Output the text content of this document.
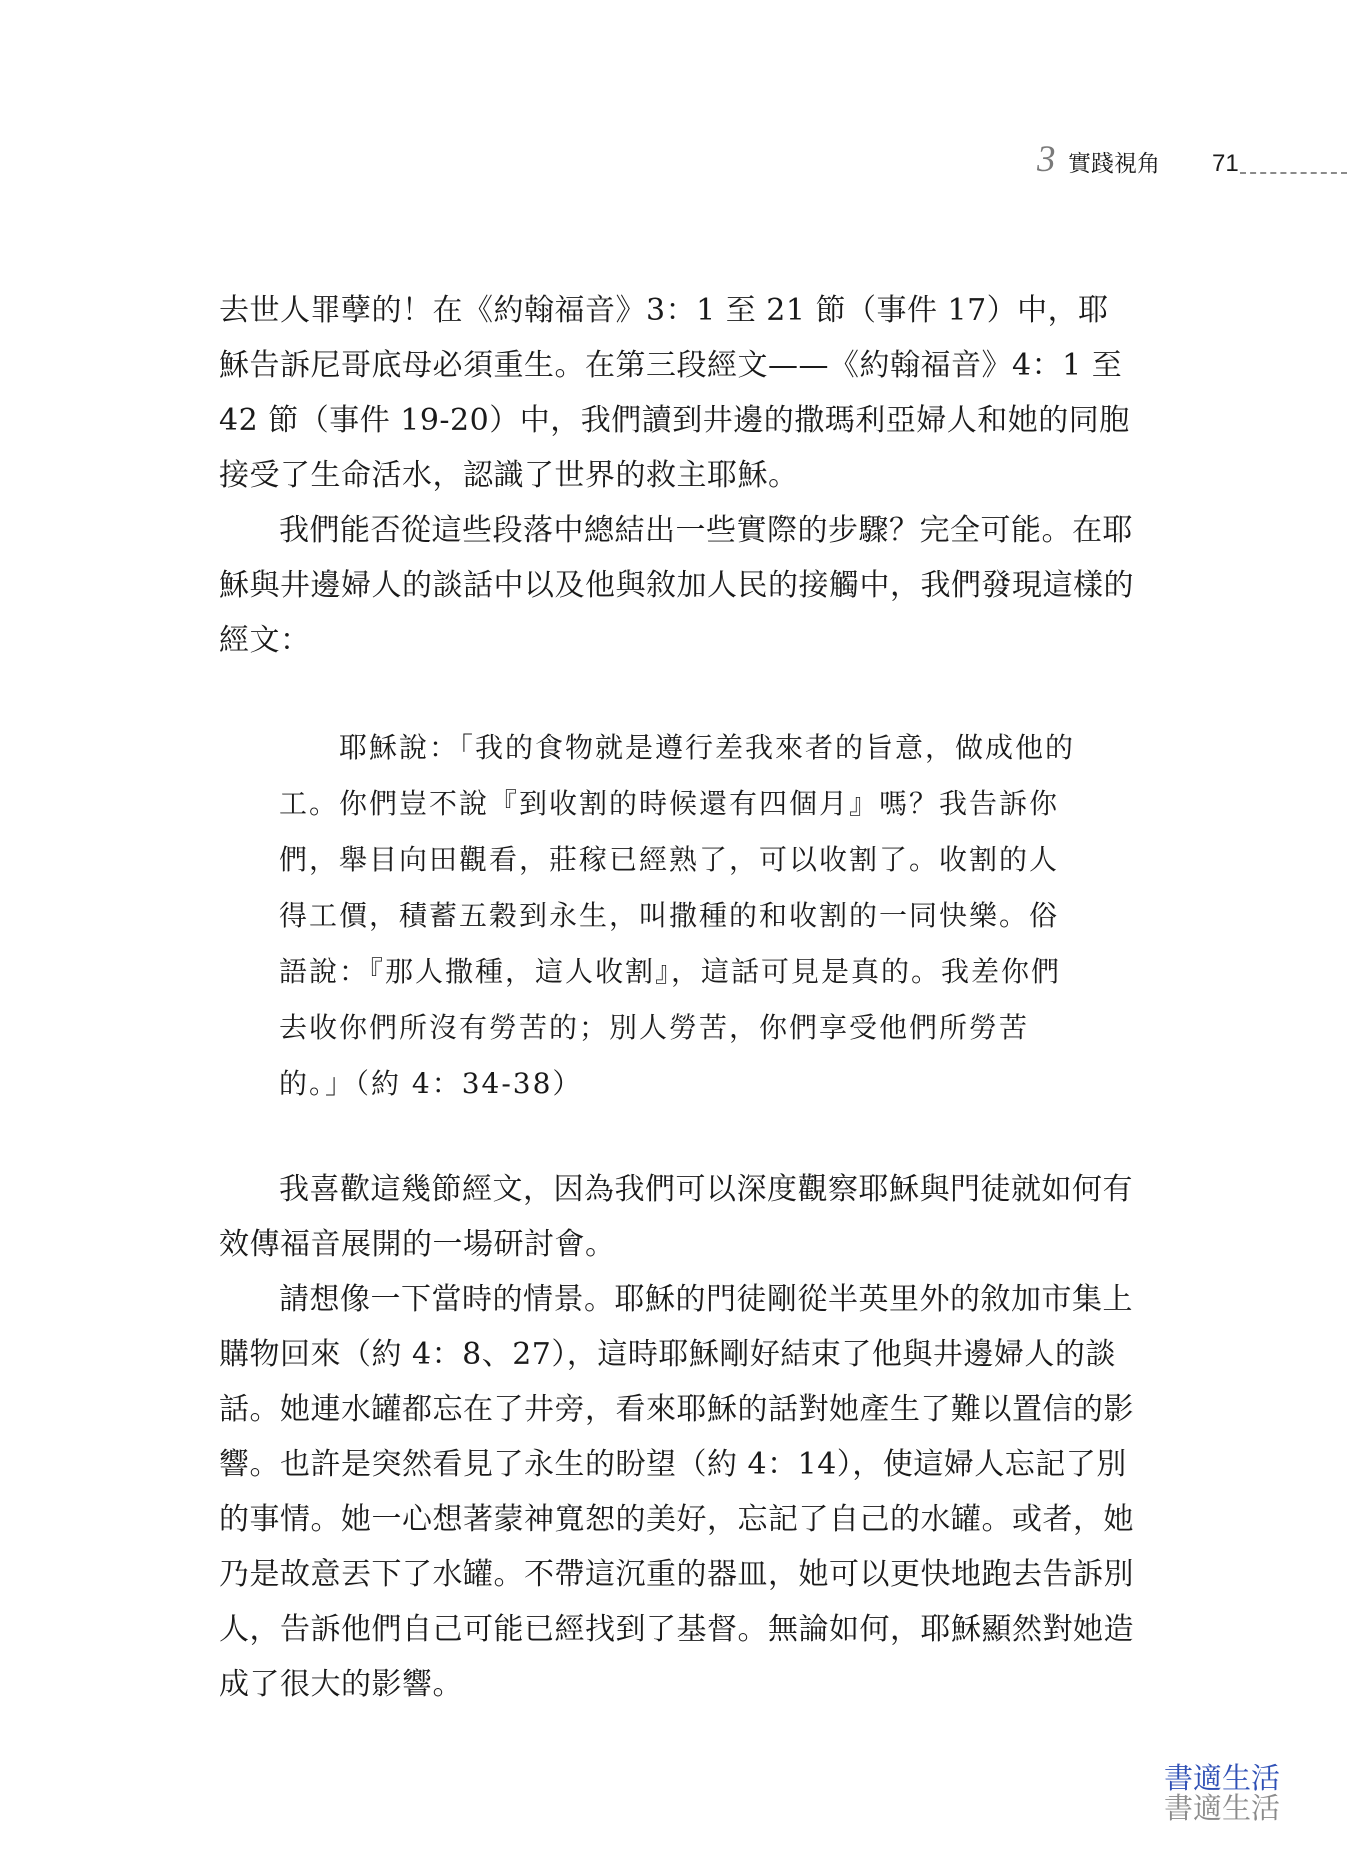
3 實踐視角 71

去世人罪孽的！在《約翰福音》3：1 至 21 節（事件 17）中，耶穌告訴尼哥底母必須重生。在第三段經文——《約翰福音》4：1 至 42 節（事件 19-20）中，我們讀到井邊的撒瑪利亞婦人和她的同胞接受了生命活水，認識了世界的救主耶穌。

我們能否從這些段落中總結出一些實際的步驟？完全可能。在耶穌與井邊婦人的談話中以及他與敘加人民的接觸中，我們發現這樣的經文：

耶穌說：「我的食物就是遵行差我來者的旨意，做成他的工。你們豈不說『到收割的時候還有四個月』嗎？我告訴你們，舉目向田觀看，莊稼已經熟了，可以收割了。收割的人得工價，積蓄五穀到永生，叫撒種的和收割的一同快樂。俗語說：『那人撒種，這人收割』，這話可見是真的。我差你們去收你們所沒有勞苦的；別人勞苦，你們享受他們所勞苦的。」（約 4：34-38）

我喜歡這幾節經文，因為我們可以深度觀察耶穌與門徒就如何有效傳福音展開的一場研討會。

請想像一下當時的情景。耶穌的門徒剛從半英里外的敘加市集上購物回來（約 4：8、27），這時耶穌剛好結束了他與井邊婦人的談話。她連水罐都忘在了井旁，看來耶穌的話對她產生了難以置信的影響。也許是突然看見了永生的盼望（約 4：14），使這婦人忘記了別的事情。她一心想著蒙神寬恕的美好，忘記了自己的水罐。或者，她乃是故意丟下了水罐。不帶這沉重的器皿，她可以更快地跑去告訴別人，告訴他們自己可能已經找到了基督。無論如何，耶穌顯然對她造成了很大的影響。

書適生活
書適生活
